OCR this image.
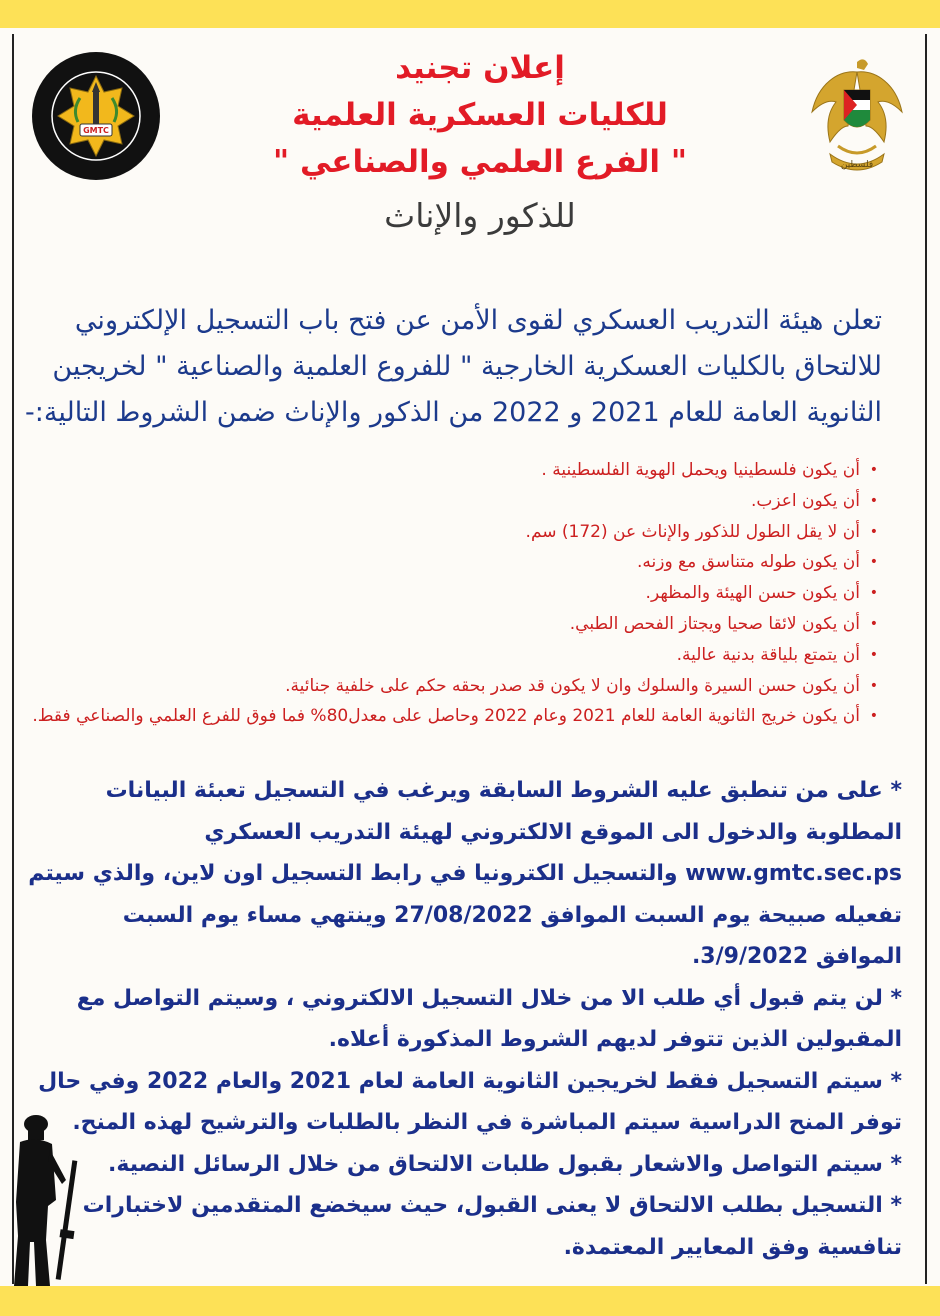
GMTC
فلسطين
إعلان تجنيد
للكليات العسكرية العلمية
" الفرع العلمي والصناعي "
للذكور والإناث
تعلن هيئة التدريب العسكري لقوى الأمن عن فتح باب التسجيل الإلكتروني
للالتحاق بالكليات العسكرية الخارجية " للفروع العلمية والصناعية " لخريجين
الثانوية العامة للعام 2021 و 2022 من الذكور والإناث ضمن الشروط التالية:-
•
أن يكون فلسطينيا ويحمل الهوية الفلسطينية .
•
أن يكون اعزب.
•
أن لا يقل الطول للذكور والإناث عن (172) سم.
•
أن يكون طوله متناسق مع وزنه.
•
أن يكون حسن الهيئة والمظهر.
•
أن يكون لائقا صحيا ويجتاز الفحص الطبي.
•
أن يتمتع بلياقة بدنية عالية.
•
أن يكون حسن السيرة والسلوك وان لا يكون قد صدر بحقه حكم على خلفية جنائية.
•
أن يكون خريج الثانوية العامة للعام 2021 وعام 2022 وحاصل على معدل80% فما فوق للفرع العلمي والصناعي فقط.
* على من تنطبق عليه الشروط السابقة ويرغب في التسجيل تعبئة البيانات
المطلوبة والدخول الى الموقع الالكتروني لهيئة التدريب العسكري
www.gmtc.sec.ps والتسجيل الكترونيا في رابط التسجيل اون لاين، والذي سيتم
تفعيله صبيحة يوم السبت الموافق 27/08/2022 وينتهي مساء يوم السبت
الموافق 3/9/2022.
* لن يتم قبول أي طلب الا من خلال التسجيل الالكتروني ، وسيتم التواصل مع
المقبولين الذين تتوفر لديهم الشروط المذكورة أعلاه.
* سيتم التسجيل فقط لخريجين الثانوية العامة لعام 2021 والعام 2022 وفي حال
توفر المنح الدراسية سيتم المباشرة في النظر بالطلبات والترشيح لهذه المنح.
* سيتم التواصل والاشعار بقبول طلبات الالتحاق من خلال الرسائل النصية.
* التسجيل بطلب الالتحاق لا يعنى القبول، حيث سيخضع المتقدمين لاختبارات
تنافسية وفق المعايير المعتمدة.
